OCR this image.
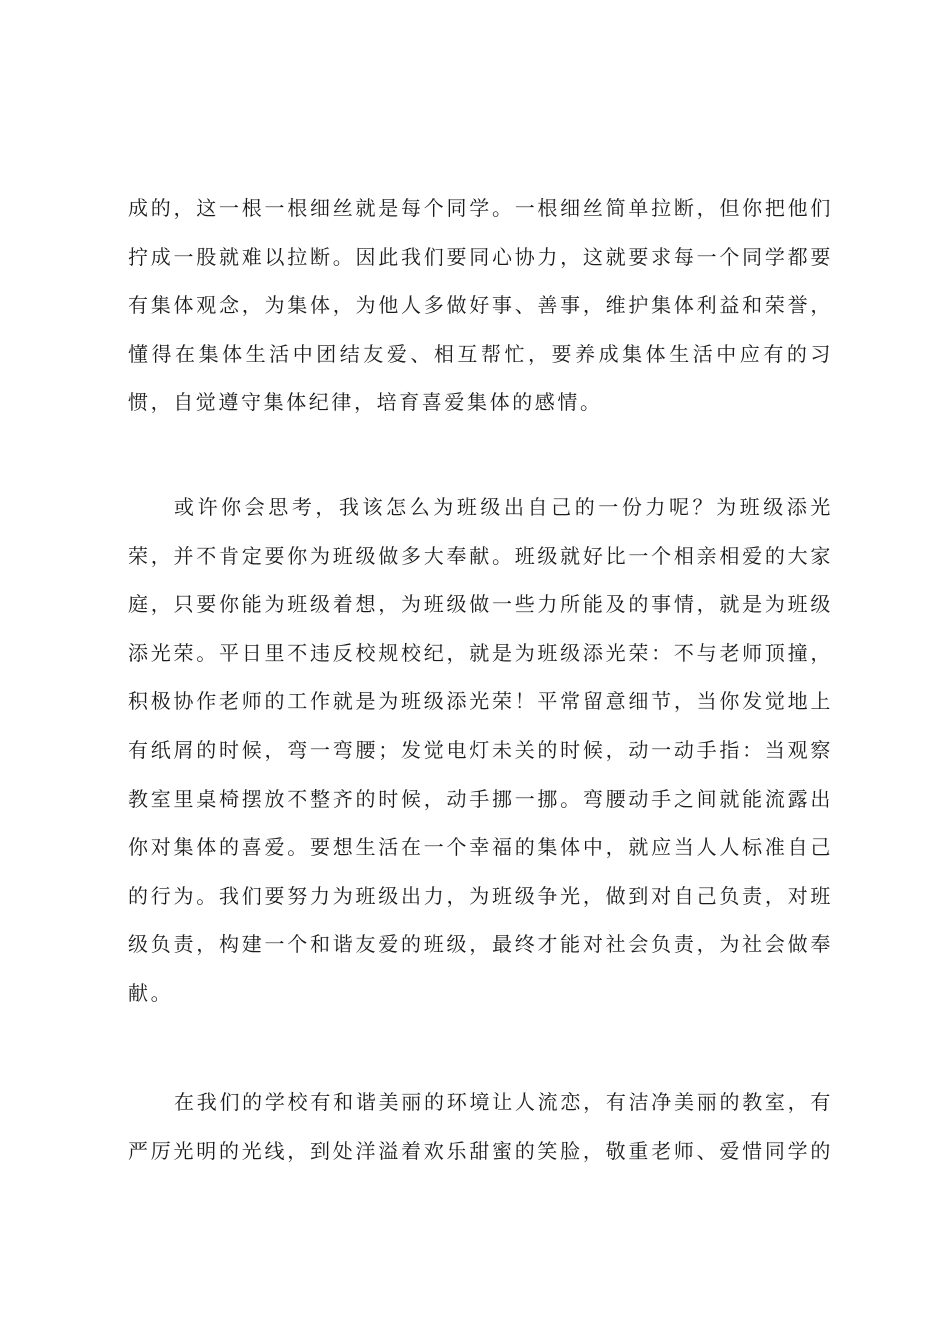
成的，这一根一根细丝就是每个同学。一根细丝简单拉断，但你把他们
拧成一股就难以拉断。因此我们要同心协力，这就要求每一个同学都要
有集体观念，为集体，为他人多做好事、善事，维护集体利益和荣誉，
懂得在集体生活中团结友爱、相互帮忙，要养成集体生活中应有的习
惯，自觉遵守集体纪律，培育喜爱集体的感情。
或许你会思考，我该怎么为班级出自己的一份力呢？为班级添光
荣，并不肯定要你为班级做多大奉献。班级就好比一个相亲相爱的大家
庭，只要你能为班级着想，为班级做一些力所能及的事情，就是为班级
添光荣。平日里不违反校规校纪，就是为班级添光荣：不与老师顶撞，
积极协作老师的工作就是为班级添光荣！平常留意细节，当你发觉地上
有纸屑的时候，弯一弯腰；发觉电灯未关的时候，动一动手指：当观察
教室里桌椅摆放不整齐的时候，动手挪一挪。弯腰动手之间就能流露出
你对集体的喜爱。要想生活在一个幸福的集体中，就应当人人标准自己
的行为。我们要努力为班级出力，为班级争光，做到对自己负责，对班
级负责，构建一个和谐友爱的班级，最终才能对社会负责，为社会做奉
献。
在我们的学校有和谐美丽的环境让人流恋，有洁净美丽的教室，有
严厉光明的光线，到处洋溢着欢乐甜蜜的笑脸，敬重老师、爱惜同学的
